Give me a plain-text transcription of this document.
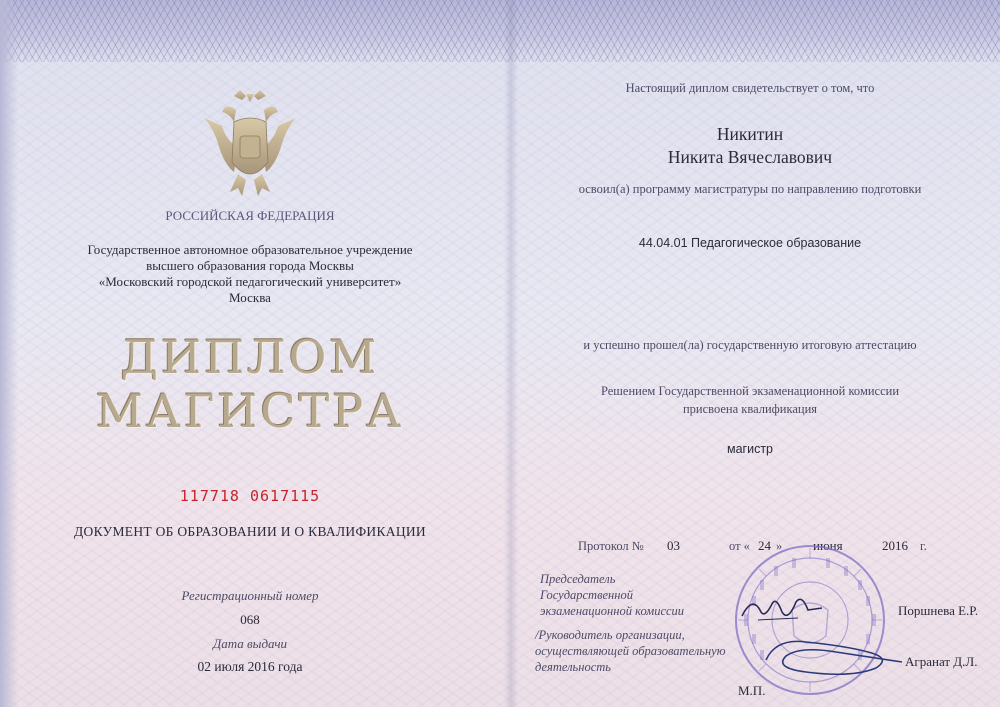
РОССИЙСКАЯ ФЕДЕРАЦИЯ
Государственное автономное образовательное учреждение
высшего образования города Москвы
«Московский городской педагогический университет»
Москва
ДИПЛОМ
МАГИСТРА
117718 0617115
ДОКУМЕНТ ОБ ОБРАЗОВАНИИ И О КВАЛИФИКАЦИИ
Регистрационный номер
068
Дата выдачи
02 июля 2016 года
Настоящий диплом свидетельствует о том, что
Никитин
Никита Вячеславович
освоил(а) программу магистратуры по направлению подготовки
44.04.01 Педагогическое образование
и успешно прошел(ла) государственную итоговую аттестацию
Решением Государственной экзаменационной комиссии
присвоена квалификация
магистр
Протокол № 03	от « 24 » июня	2016 г.
Председатель
Государственной
экзаменационной комиссии	Поршнева Е.Р.
/Руководитель организации,
осуществляющей образовательную
деятельность	Агранат Д.Л.
М.П.
